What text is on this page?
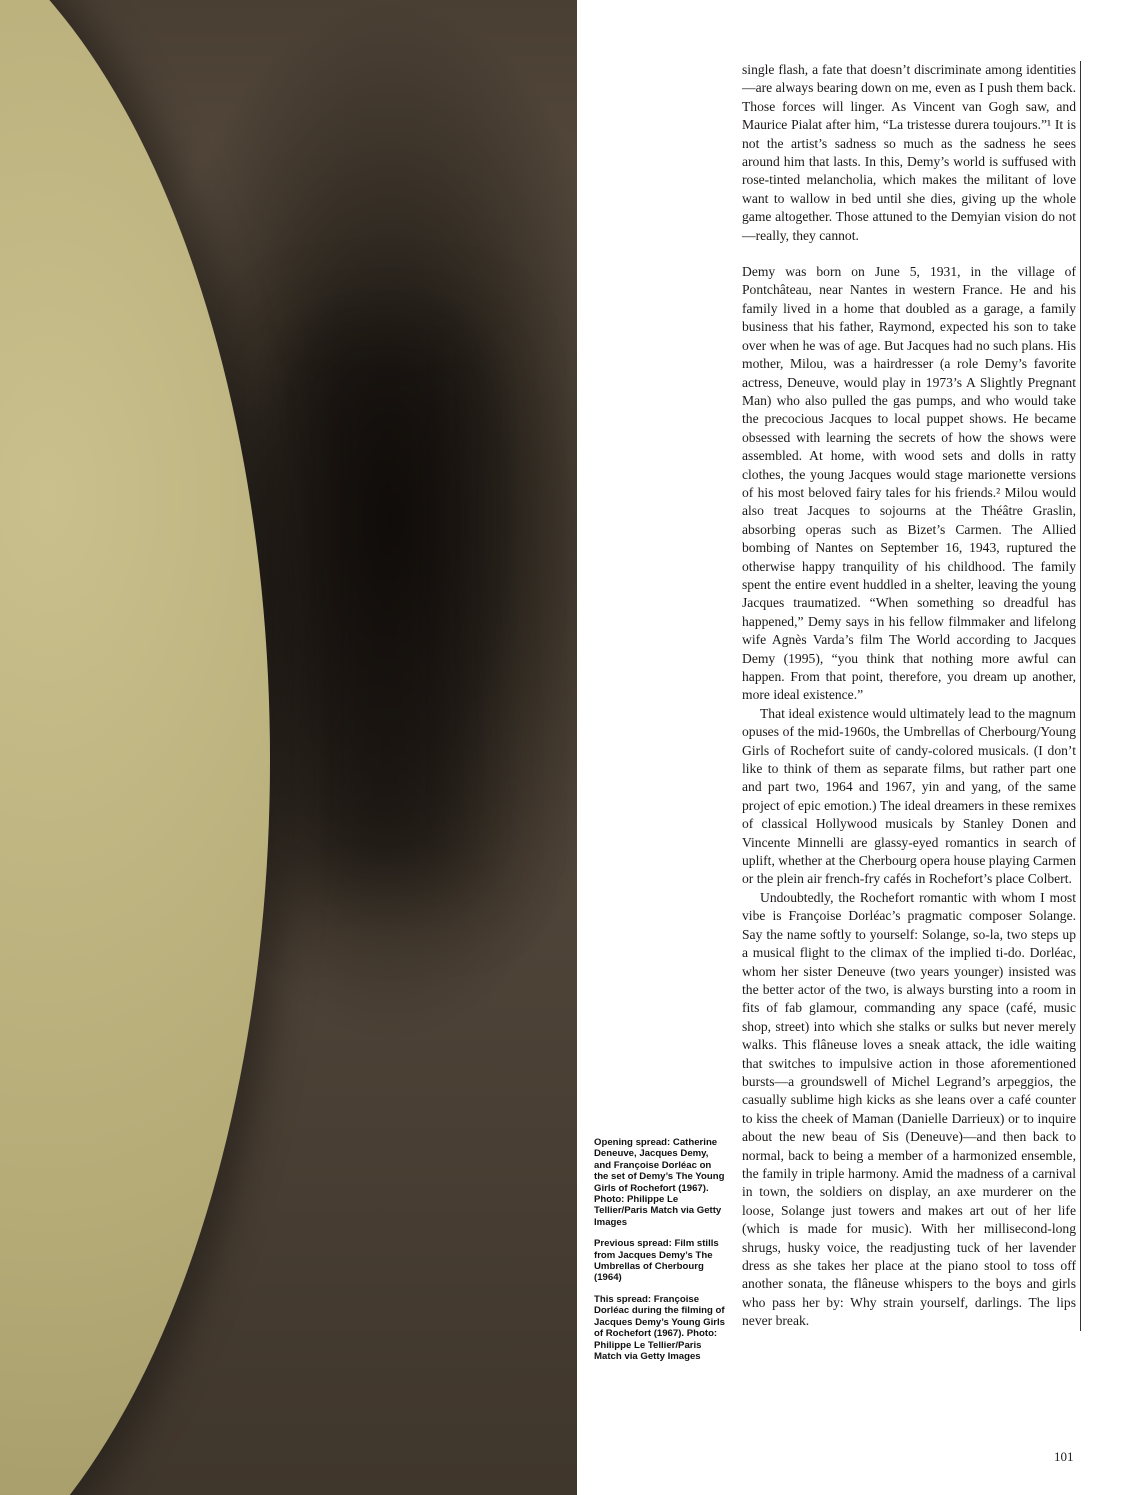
single flash, a fate that doesn’t discriminate among identities—are always bearing down on me, even as I push them back. Those forces will linger. As Vincent van Gogh saw, and Maurice Pialat after him, “La tristesse durera toujours.”¹ It is not the artist’s sadness so much as the sadness he sees around him that lasts. In this, Demy’s world is suffused with rose-tinted melancholia, which makes the militant of love want to wallow in bed until she dies, giving up the whole game altogether. Those attuned to the Demyian vision do not—really, they cannot.

Demy was born on June 5, 1931, in the village of Pontchâteau, near Nantes in western France. He and his family lived in a home that doubled as a garage, a family business that his father, Raymond, expected his son to take over when he was of age. But Jacques had no such plans. His mother, Milou, was a hairdresser (a role Demy’s favorite actress, Deneuve, would play in 1973’s A Slightly Pregnant Man) who also pulled the gas pumps, and who would take the precocious Jacques to local puppet shows. He became obsessed with learning the secrets of how the shows were assembled. At home, with wood sets and dolls in ratty clothes, the young Jacques would stage marionette versions of his most beloved fairy tales for his friends.² Milou would also treat Jacques to sojourns at the Théâtre Graslin, absorbing operas such as Bizet’s Carmen. The Allied bombing of Nantes on September 16, 1943, ruptured the otherwise happy tranquility of his childhood. The family spent the entire event huddled in a shelter, leaving the young Jacques traumatized. “When something so dreadful has happened,” Demy says in his fellow filmmaker and lifelong wife Agnès Varda’s film The World according to Jacques Demy (1995), “you think that nothing more awful can happen. From that point, therefore, you dream up another, more ideal existence.”

That ideal existence would ultimately lead to the magnum opuses of the mid-1960s, the Umbrellas of Cherbourg/Young Girls of Rochefort suite of candy-colored musicals. (I don’t like to think of them as separate films, but rather part one and part two, 1964 and 1967, yin and yang, of the same project of epic emotion.) The ideal dreamers in these remixes of classical Hollywood musicals by Stanley Donen and Vincente Minnelli are glassy-eyed romantics in search of uplift, whether at the Cherbourg opera house playing Carmen or the plein air french-fry cafés in Rochefort’s place Colbert.

Undoubtedly, the Rochefort romantic with whom I most vibe is Françoise Dorléac’s pragmatic composer Solange. Say the name softly to yourself: Solange, so-la, two steps up a musical flight to the climax of the implied ti-do. Dorléac, whom her sister Deneuve (two years younger) insisted was the better actor of the two, is always bursting into a room in fits of fab glamour, commanding any space (café, music shop, street) into which she stalks or sulks but never merely walks. This flâneuse loves a sneak attack, the idle waiting that switches to impulsive action in those aforementioned bursts—a groundswell of Michel Legrand’s arpeggios, the casually sublime high kicks as she leans over a café counter to kiss the cheek of Maman (Danielle Darrieux) or to inquire about the new beau of Sis (Deneuve)—and then back to normal, back to being a member of a harmonized ensemble, the family in triple harmony. Amid the madness of a carnival in town, the soldiers on display, an axe murderer on the loose, Solange just towers and makes art out of her life (which is made for music). With her millisecond-long shrugs, husky voice, the readjusting tuck of her lavender dress as she takes her place at the piano stool to toss off another sonata, the flâneuse whispers to the boys and girls who pass her by: Why strain yourself, darlings. The lips never break.

Opening spread: Catherine Deneuve, Jacques Demy, and Françoise Dorléac on the set of Demy’s The Young Girls of Rochefort (1967). Photo: Philippe Le Tellier/Paris Match via Getty Images
Previous spread: Film stills from Jacques Demy’s The Umbrellas of Cherbourg (1964)
This spread: Françoise Dorléac during the filming of Jacques Demy’s Young Girls of Rochefort (1967). Photo: Philippe Le Tellier/Paris Match via Getty Images
101
